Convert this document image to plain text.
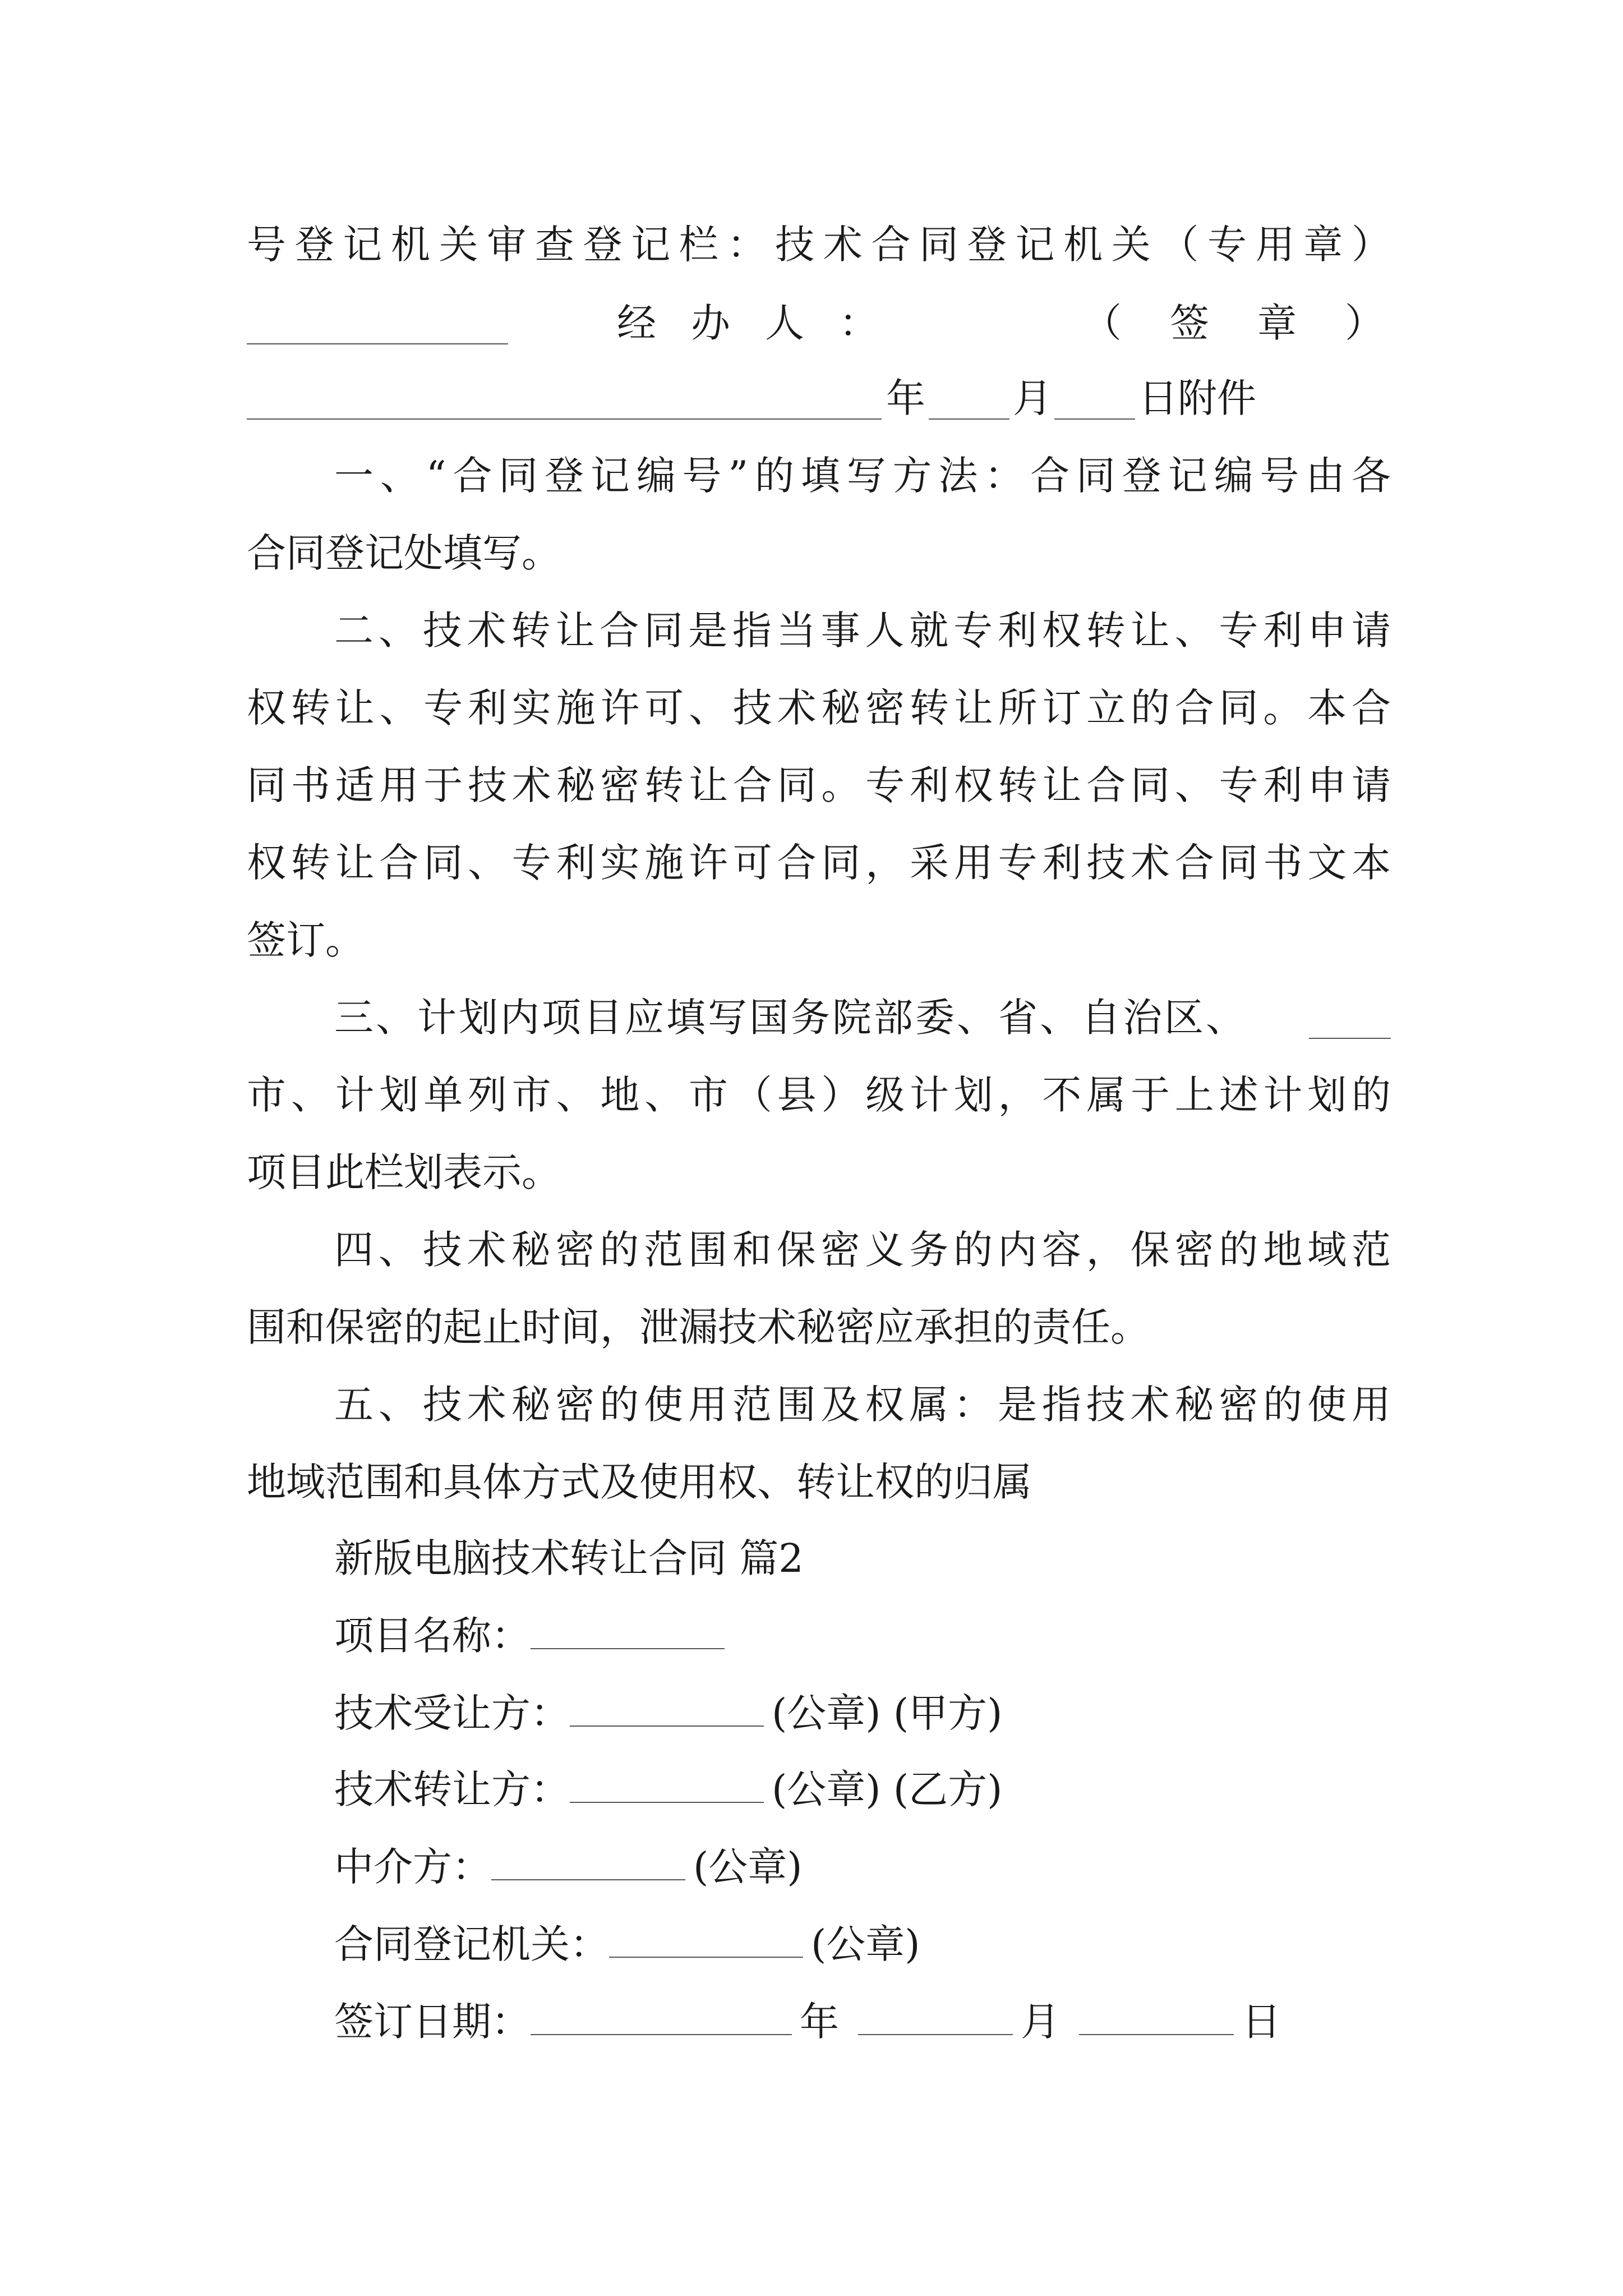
号登记机关审查登记栏：技术合同登记机关（专用章）
经办人：	（签章）
年 月 日附件
一、“合同登记编号”的填写方法：合同登记编号由各
合同登记处填写。
二、技术转让合同是指当事人就专利权转让、专利申请
权转让、专利实施许可、技术秘密转让所订立的合同。本合
同书适用于技术秘密转让合同。专利权转让合同、专利申请
权转让合同、专利实施许可合同，采用专利技术合同书文本
签订。
三、计划内项目应填写国务院部委、省、自治区、
市、计划单列市、地、市（县）级计划，不属于上述计划的
项目此栏划表示。
四、技术秘密的范围和保密义务的内容，保密的地域范
围和保密的起止时间，泄漏技术秘密应承担的责任。
五、技术秘密的使用范围及权属：是指技术秘密的使用
地域范围和具体方式及使用权、转让权的归属
新版电脑技术转让合同 篇2
项目名称：
技术受让方：	(公章) (甲方)
技术转让方：	(公章) (乙方)
中介方：	(公章)
合同登记机关：	(公章)
签订日期：	年	月	日
